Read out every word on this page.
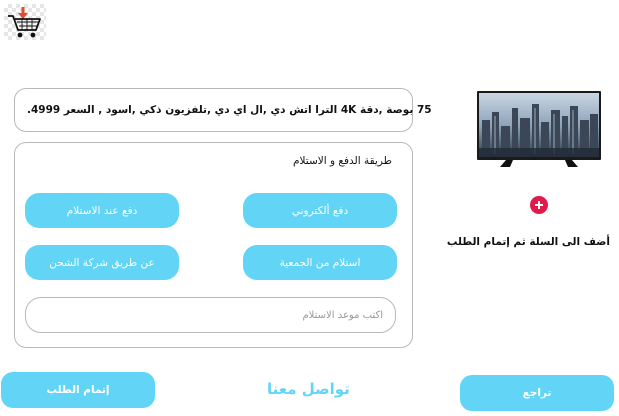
75 بوصة ,دقة 4K الترا اتش دي ,ال اي دي ,تلفزيون ذكي ,اسود , السعر 4999.
طريقة الدفع و الاستلام
دفع ألكتروني
دفع عند الاستلام
استلام من الجمعية
عن طريق شركة الشحن
اكتب موعد الاستلام
أضف الى السلة ثم إتمام الطلب
إتمام الطلب	تواصل معنا	تراجع
